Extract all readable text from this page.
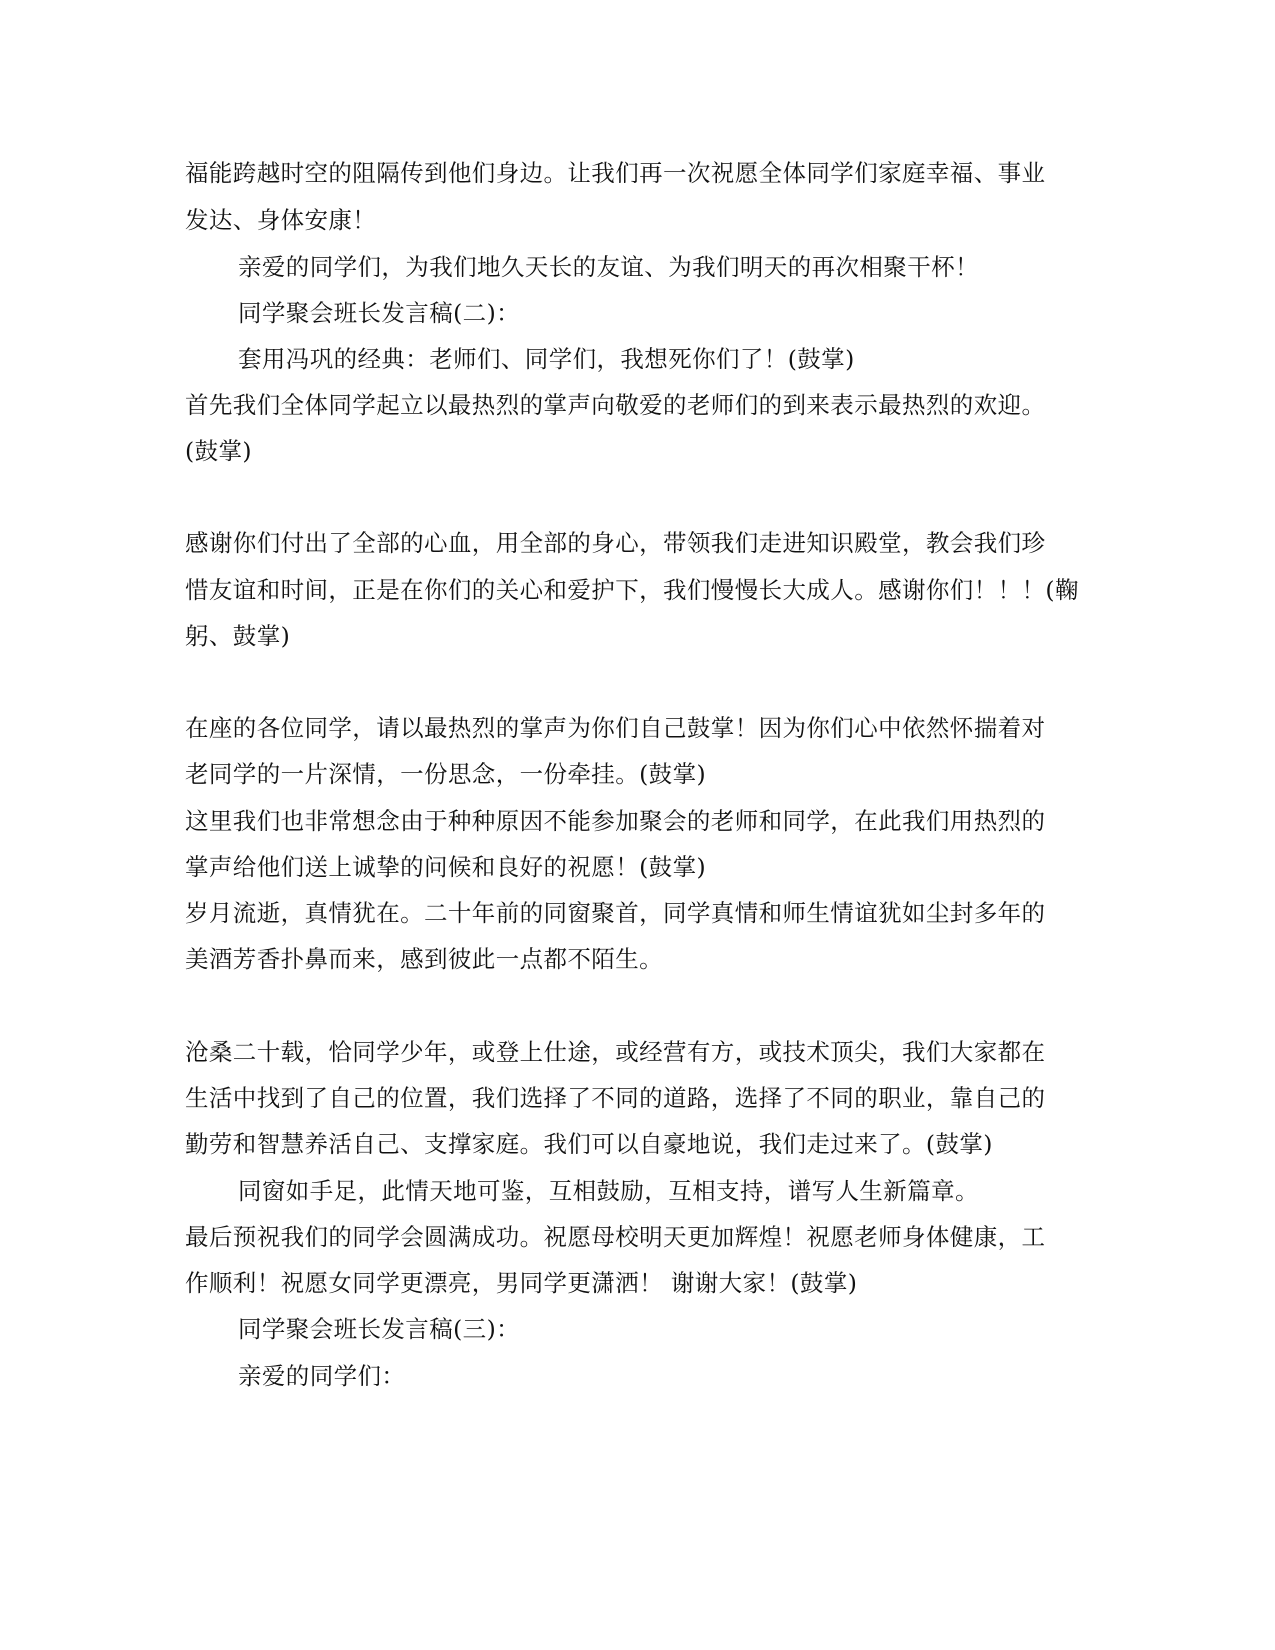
福能跨越时空的阻隔传到他们身边。让我们再一次祝愿全体同学们家庭幸福、事业
发达、身体安康！
亲爱的同学们，为我们地久天长的友谊、为我们明天的再次相聚干杯！
同学聚会班长发言稿(二)：
套用冯巩的经典：老师们、同学们，我想死你们了！(鼓掌)
首先我们全体同学起立以最热烈的掌声向敬爱的老师们的到来表示最热烈的欢迎。
(鼓掌)
感谢你们付出了全部的心血，用全部的身心，带领我们走进知识殿堂，教会我们珍
惜友谊和时间，正是在你们的关心和爱护下，我们慢慢长大成人。感谢你们！！！(鞠
躬、鼓掌)
在座的各位同学，请以最热烈的掌声为你们自己鼓掌！因为你们心中依然怀揣着对
老同学的一片深情，一份思念，一份牵挂。(鼓掌)
这里我们也非常想念由于种种原因不能参加聚会的老师和同学，在此我们用热烈的
掌声给他们送上诚挚的问候和良好的祝愿！(鼓掌)
岁月流逝，真情犹在。二十年前的同窗聚首，同学真情和师生情谊犹如尘封多年的
美酒芳香扑鼻而来，感到彼此一点都不陌生。
沧桑二十载，恰同学少年，或登上仕途，或经营有方，或技术顶尖，我们大家都在
生活中找到了自己的位置，我们选择了不同的道路，选择了不同的职业，靠自己的
勤劳和智慧养活自己、支撑家庭。我们可以自豪地说，我们走过来了。(鼓掌)
同窗如手足，此情天地可鉴，互相鼓励，互相支持，谱写人生新篇章。
最后预祝我们的同学会圆满成功。祝愿母校明天更加辉煌！祝愿老师身体健康，工
作顺利！祝愿女同学更漂亮，男同学更潇洒！ 谢谢大家！(鼓掌)
同学聚会班长发言稿(三)：
亲爱的同学们：
